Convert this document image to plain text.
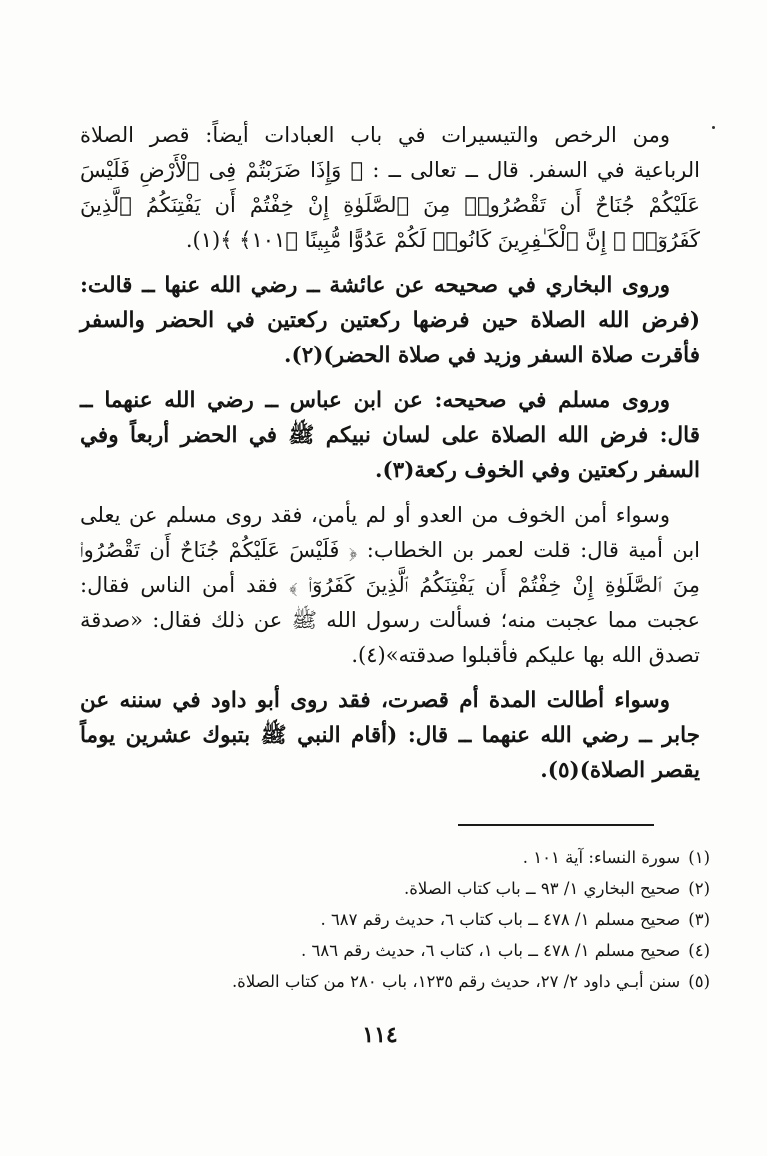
ومن الرخص والتيسيرات في باب العبادات أيضاً: قصر الصلاة الرباعية في السفر. قال ــ تعالى ــ : ﴿ وَإِذَا ضَرَبْتُمْ فِى ٱلْأَرْضِ فَلَيْسَ عَلَيْكُمْ جُنَاحٌ أَن تَقْصُرُوا۟ مِنَ ٱلصَّلَوٰةِ إِنْ خِفْتُمْ أَن يَفْتِنَكُمُ ٱلَّذِينَ كَفَرُوٓا۟ ۚ إِنَّ ٱلْكَـٰفِرِينَ كَانُوا۟ لَكُمْ عَدُوًّا مُّبِينًا ﴿١٠١﴾ ﴾(١).

وروى البخاري في صحيحه عن عائشة ــ رضي الله عنها ــ قالت: (فرض الله الصلاة حين فرضها ركعتين ركعتين في الحضر والسفر فأقرت صلاة السفر وزيد في صلاة الحضر)(٢).

وروى مسلم في صحيحه: عن ابن عباس ــ رضي الله عنهما ــ قال: فرض الله الصلاة على لسان نبيكم ﷺ في الحضر أربعاً وفي السفر ركعتين وفي الخوف ركعة(٣).

وسواء أمن الخوف من العدو أو لم يأمن، فقد روى مسلم عن يعلى ابن أمية قال: قلت لعمر بن الخطاب: ﴿ فَلَيْسَ عَلَيْكُمْ جُنَاحٌ أَن تَقْصُرُوا۟ مِنَ ٱلصَّلَوٰةِ إِنْ خِفْتُمْ أَن يَفْتِنَكُمُ ٱلَّذِينَ كَفَرُوٓا۟ ﴾ فقد أمن الناس فقال: عجبت مما عجبت منه؛ فسألت رسول الله ﷺ عن ذلك فقال: «صدقة تصدق الله بها عليكم فأقبلوا صدقته»(٤).

وسواء أطالت المدة أم قصرت، فقد روى أبو داود في سننه عن جابر ــ رضي الله عنهما ــ قال: (أقام النبي ﷺ بتبوك عشرين يوماً يقصر الصلاة)(٥).

(١)سورة النساء: آية ١٠١ .
(٢)صحيح البخاري ١/ ٩٣ ــ باب كتاب الصلاة.
(٣)صحيح مسلم ١/ ٤٧٨ ــ باب كتاب ٦، حديث رقم ٦٨٧ .
(٤)صحيح مسلم ١/ ٤٧٨ ــ باب ١، كتاب ٦، حديث رقم ٦٨٦ .
(٥)سنن أبـي داود ٢/ ٢٧، حديث رقم ١٢٣٥، باب ٢٨٠ من كتاب الصلاة.
١١٤
